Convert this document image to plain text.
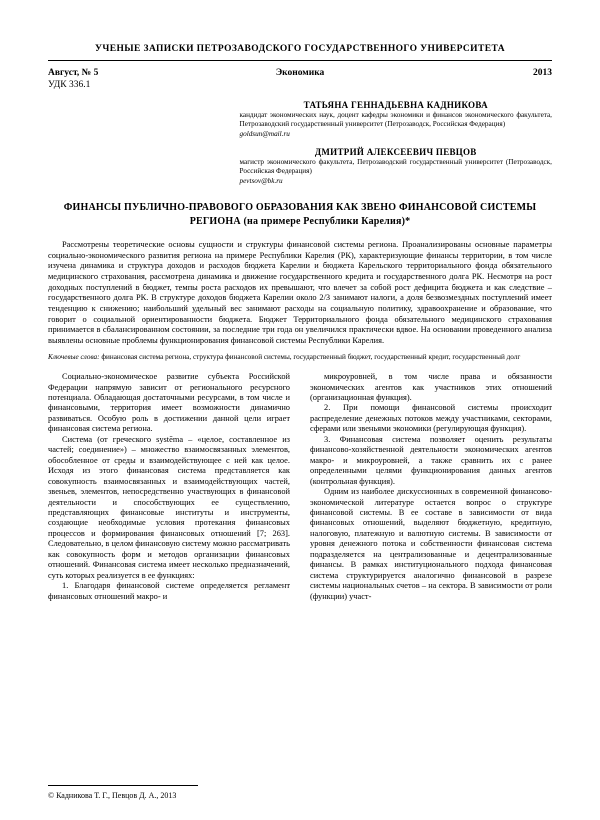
УЧЕНЫЕ ЗАПИСКИ ПЕТРОЗАВОДСКОГО ГОСУДАРСТВЕННОГО УНИВЕРСИТЕТА
Август, № 5	Экономика	2013
УДК 336.1
ТАТЬЯНА ГЕННАДЬЕВНА КАДНИКОВА
кандидат экономических наук, доцент кафедры экономики и финансов экономического факультета, Петрозаводский государственный университет (Петрозаводск, Российская Федерация)
goldsun@mail.ru
ДМИТРИЙ АЛЕКСЕЕВИЧ ПЕВЦОВ
магистр экономического факультета, Петрозаводский государственный университет (Петрозаводск, Российская Федерация)
pevtsov@bk.ru
ФИНАНСЫ ПУБЛИЧНО-ПРАВОВОГО ОБРАЗОВАНИЯ КАК ЗВЕНО ФИНАНСОВОЙ СИСТЕМЫ РЕГИОНА (на примере Республики Карелия)*
Рассмотрены теоретические основы сущности и структуры финансовой системы региона. Проанализированы основные параметры социально-экономического развития региона на примере Республики Карелия (РК), характеризующие финансы территории, в том числе изучена динамика и структура доходов и расходов бюджета Карелии и бюджета Карельского территориального фонда обязательного медицинского страхования, рассмотрена динамика и движение государственного кредита и государственного долга РК. Несмотря на рост доходных поступлений в бюджет, темпы роста расходов их превышают, что влечет за собой рост дефицита бюджета и как следствие – государственного долга РК. В структуре доходов бюджета Карелии около 2/3 занимают налоги, а доля безвозмездных поступлений имеет тенденцию к снижению; наибольший удельный вес занимают расходы на социальную политику, здравоохранение и образование, что говорит о социальной ориентированности бюджета. Бюджет Территориального фонда обязательного медицинского страхования принимается в сбалансированном состоянии, за последние три года он увеличился практически вдвое. На основании проведенного анализа выявлены основные проблемы функционирования финансовой системы Республики Карелия.
Ключевые слова: финансовая система региона, структура финансовой системы, государственный бюджет, государственный кредит, государственный долг

Социально-экономическое развитие субъекта Российской Федерации напрямую зависит от регионального ресурсного потенциала. Обладающая достаточными ресурсами, в том числе и финансовыми, территория имеет возможности динамично развиваться. Особую роль в достижении данной цели играет финансовая система региона.

Система (от греческого systēma – «целое, составленное из частей; соединение») – множество взаимосвязанных элементов, обособленное от среды и взаимодействующее с ней как целое. Исходя из этого финансовая система представляется как совокупность взаимосвязанных и взаимодействующих частей, звеньев, элементов, непосредственно участвующих в финансовой деятельности и способствующих ее существлению, представляющих финансовые институты и инструменты, создающие необходимые условия протекания финансовых процессов и формирования финансовых отношений [7; 263]. Следовательно, в целом финансовую систему можно рассматривать как совокупность форм и методов организации финансовых отношений. Финансовая система имеет несколько предназначений, суть которых реализуется в ее функциях:

1. Благодаря финансовой системе определяется регламент финансовых отношений макро- и

микроуровней, в том числе права и обязанности экономических агентов как участников этих отношений (организационная функция).

2. При помощи финансовой системы происходит распределение денежных потоков между участниками, секторами, сферами или звеньями экономики (регулирующая функция).

3. Финансовая система позволяет оценить результаты финансово-хозяйственной деятельности экономических агентов макро- и микроуровней, а также сравнить их с ранее определенными целями функционирования данных агентов (контрольная функция).

Одним из наиболее дискуссионных в современной финансово-экономической литературе остается вопрос о структуре финансовой системы. В ее составе в зависимости от вида финансовых отношений, выделяют бюджетную, кредитную, налоговую, платежную и валютную системы. В зависимости от уровня денежного потока и собственности финансовая система подразделяется на централизованные и децентрализованные финансы. В рамках институционального подхода финансовая система структурируется аналогично финансовой в разрезе системы национальных счетов – на сектора. В зависимости от роли (функции) участ-

© Кадникова Т. Г., Певцов Д. А., 2013
